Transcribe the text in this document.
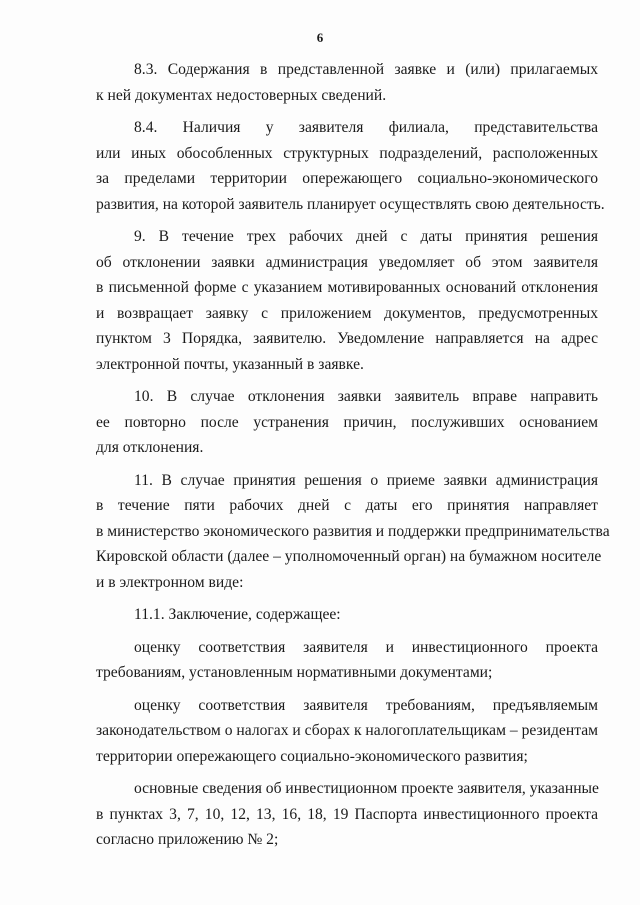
6

8.3. Содержания в представленной заявке и (или) прилагаемых
к ней документах недостоверных сведений.

8.4. Наличия у заявителя филиала, представительства
или иных обособленных структурных подразделений, расположенных
за пределами территории опережающего социально-экономического
развития, на которой заявитель планирует осуществлять свою деятельность.

9. В течение трех рабочих дней с даты принятия решения
об отклонении заявки администрация уведомляет об этом заявителя
в письменной форме с указанием мотивированных оснований отклонения
и возвращает заявку с приложением документов, предусмотренных
пунктом 3 Порядка, заявителю. Уведомление направляется на адрес
электронной почты, указанный в заявке.

10. В случае отклонения заявки заявитель вправе направить
ее повторно после устранения причин, послуживших основанием
для отклонения.

11. В случае принятия решения о приеме заявки администрация
в течение пяти рабочих дней с даты его принятия направляет
в министерство экономического развития и поддержки предпринимательства
Кировской области (далее – уполномоченный орган) на бумажном носителе
и в электронном виде:

11.1. Заключение, содержащее:

оценку соответствия заявителя и инвестиционного проекта
требованиям, установленным нормативными документами;

оценку соответствия заявителя требованиям, предъявляемым
законодательством о налогах и сборах к налогоплательщикам – резидентам
территории опережающего социально-экономического развития;

основные сведения об инвестиционном проекте заявителя, указанные
в пунктах 3, 7, 10, 12, 13, 16, 18, 19 Паспорта инвестиционного проекта
согласно приложению № 2;
